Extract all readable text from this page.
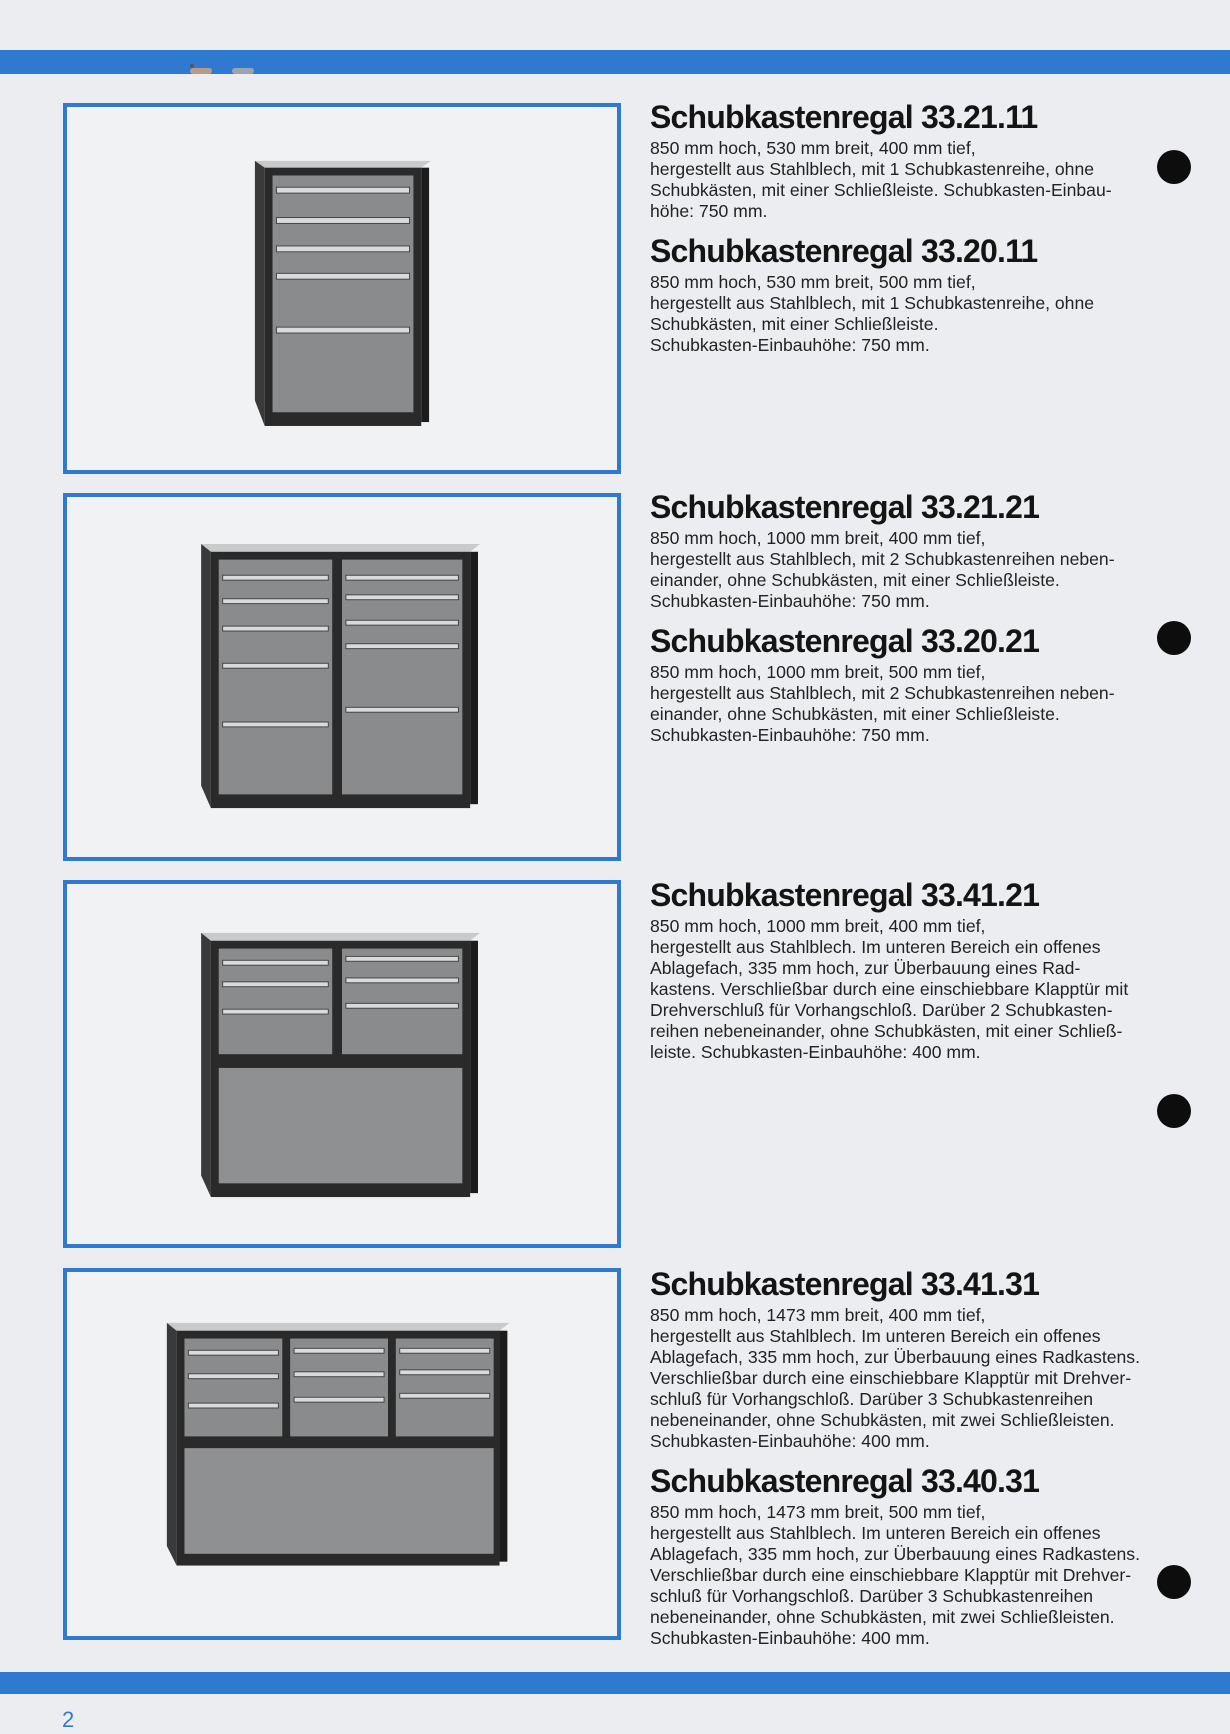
Schubkastenregal 33.21.11

850 mm hoch, 530 mm breit, 400 mm tief,
hergestellt aus Stahlblech, mit 1 Schubkastenreihe, ohne
Schubkästen, mit einer Schließleiste. Schubkasten-Einbau-
höhe: 750 mm.

Schubkastenregal 33.20.11

850 mm hoch, 530 mm breit, 500 mm tief,
hergestellt aus Stahlblech, mit 1 Schubkastenreihe, ohne
Schubkästen, mit einer Schließleiste.
Schubkasten-Einbauhöhe: 750 mm.

Schubkastenregal 33.21.21

850 mm hoch, 1000 mm breit, 400 mm tief,
hergestellt aus Stahlblech, mit 2 Schubkastenreihen neben-
einander, ohne Schubkästen, mit einer Schließleiste.
Schubkasten-Einbauhöhe: 750 mm.

Schubkastenregal 33.20.21

850 mm hoch, 1000 mm breit, 500 mm tief,
hergestellt aus Stahlblech, mit 2 Schubkastenreihen neben-
einander, ohne Schubkästen, mit einer Schließleiste.
Schubkasten-Einbauhöhe: 750 mm.

Schubkastenregal 33.41.21

850 mm hoch, 1000 mm breit, 400 mm tief,
hergestellt aus Stahlblech. Im unteren Bereich ein offenes
Ablagefach, 335 mm hoch, zur Überbauung eines Rad-
kastens. Verschließbar durch eine einschiebbare Klapptür mit
Drehverschluß für Vorhangschloß. Darüber 2 Schubkasten-
reihen nebeneinander, ohne Schubkästen, mit einer Schließ-
leiste. Schubkasten-Einbauhöhe: 400 mm.

Schubkastenregal 33.41.31

850 mm hoch, 1473 mm breit, 400 mm tief,
hergestellt aus Stahlblech. Im unteren Bereich ein offenes
Ablagefach, 335 mm hoch, zur Überbauung eines Radkastens.
Verschließbar durch eine einschiebbare Klapptür mit Drehver-
schluß für Vorhangschloß. Darüber 3 Schubkastenreihen
nebeneinander, ohne Schubkästen, mit zwei Schließleisten.
Schubkasten-Einbauhöhe: 400 mm.

Schubkastenregal 33.40.31

850 mm hoch, 1473 mm breit, 500 mm tief,
hergestellt aus Stahlblech. Im unteren Bereich ein offenes
Ablagefach, 335 mm hoch, zur Überbauung eines Radkastens.
Verschließbar durch eine einschiebbare Klapptür mit Drehver-
schluß für Vorhangschloß. Darüber 3 Schubkastenreihen
nebeneinander, ohne Schubkästen, mit zwei Schließleisten.
Schubkasten-Einbauhöhe: 400 mm.

2
